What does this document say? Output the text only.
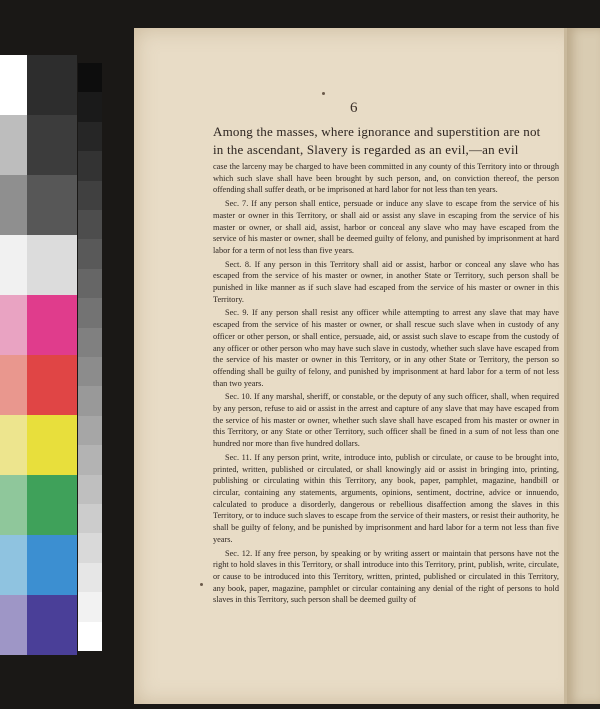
6
Among the masses, where ignorance and superstition are not
in the ascendant, Slavery is regarded as an evil,—an evil

case the larceny may be charged to have been committed in any county of this Territory into or through which such slave shall have been brought by such person, and, on conviction thereof, the person offending shall suffer death, or be imprisoned at hard labor for not less than ten years.

Sec. 7. If any person shall entice, persuade or induce any slave to escape from the service of his master or owner in this Territory, or shall aid or assist any slave in escaping from the service of his master or owner, or shall aid, assist, harbor or conceal any slave who may have escaped from the service of his master or owner, shall be deemed guilty of felony, and punished by imprisonment at hard labor for a term of not less than five years.

Sect. 8. If any person in this Territory shall aid or assist, harbor or conceal any slave who has escaped from the service of his master or owner, in another State or Territory, such person shall be punished in like manner as if such slave had escaped from the service of his master or owner in this Territory.

Sec. 9. If any person shall resist any officer while attempting to arrest any slave that may have escaped from the service of his master or owner, or shall rescue such slave when in custody of any officer or other person, or shall entice, persuade, aid, or assist such slave to escape from the custody of any officer or other person who may have such slave in custody, whether such slave have escaped from the service of his master or owner in this Territory, or in any other State or Territory, the person so offending shall be guilty of felony, and punished by imprisonment at hard labor for a term of not less than two years.

Sec. 10. If any marshal, sheriff, or constable, or the deputy of any such officer, shall, when required by any person, refuse to aid or assist in the arrest and capture of any slave that may have escaped from the service of his master or owner, whether such slave shall have escaped from his master or owner in this Territory, or any State or other Territory, such officer shall be fined in a sum of not less than one hundred nor more than five hundred dollars.

Sec. 11. If any person print, write, introduce into, publish or circulate, or cause to be brought into, printed, written, published or circulated, or shall knowingly aid or assist in bringing into, printing, publishing or circulating within this Territory, any book, paper, pamphlet, magazine, handbill or circular, containing any statements, arguments, opinions, sentiment, doctrine, advice or innuendo, calculated to produce a disorderly, dangerous or rebellious disaffection among the slaves in this Territory, or to induce such slaves to escape from the service of their masters, or resist their authority, he shall be guilty of felony, and be punished by imprisonment and hard labor for a term not less than five years.

Sec. 12. If any free person, by speaking or by writing assert or maintain that persons have not the right to hold slaves in this Territory, or shall introduce into this Territory, print, publish, write, circulate, or cause to be introduced into this Territory, written, printed, published or circulated in this Territory, any book, paper, magazine, pamphlet or circular containing any denial of the right of persons to hold slaves in this Territory, such person shall be deemed guilty of
